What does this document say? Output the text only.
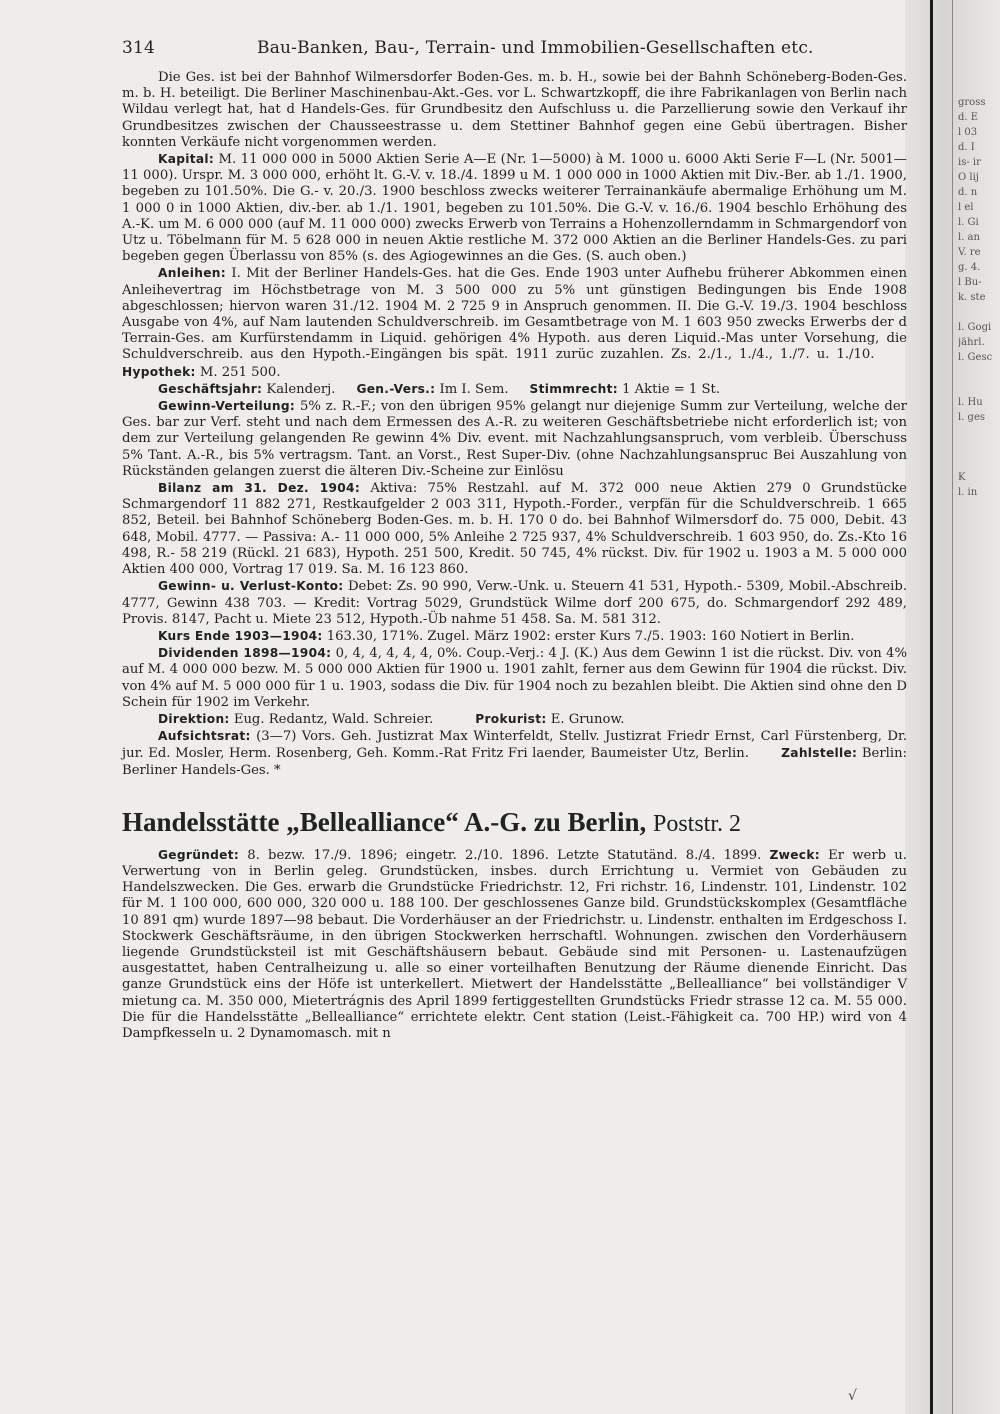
314	Bau-Banken, Bau-, Terrain- und Immobilien-Gesellschaften etc.

Die Ges. ist bei der Bahnhof Wilmersdorfer Boden-Ges. m. b. H., sowie bei der Bahnh Schöneberg-Boden-Ges. m. b. H. beteiligt. Die Berliner Maschinenbau-Akt.-Ges. vor L. Schwartzkopff, die ihre Fabrikanlagen von Berlin nach Wildau verlegt hat, hat d Handels-Ges. für Grundbesitz den Aufschluss u. die Parzellierung sowie den Verkauf ihr Grundbesitzes zwischen der Chausseestrasse u. dem Stettiner Bahnhof gegen eine Gebü übertragen. Bisher konnten Verkäufe nicht vorgenommen werden.

Kapital: M. 11 000 000 in 5000 Aktien Serie A—E (Nr. 1—5000) à M. 1000 u. 6000 Akti Serie F—L (Nr. 5001—11 000). Urspr. M. 3 000 000, erhöht lt. G.-V. v. 18./4. 1899 u M. 1 000 000 in 1000 Aktien mit Div.-Ber. ab 1./1. 1900, begeben zu 101.50%. Die G.- v. 20./3. 1900 beschloss zwecks weiterer Terrainankäufe abermalige Erhöhung um M. 1 000 0 in 1000 Aktien, div.-ber. ab 1./1. 1901, begeben zu 101.50%. Die G.-V. v. 16./6. 1904 beschlo Erhöhung des A.-K. um M. 6 000 000 (auf M. 11 000 000) zwecks Erwerb von Terrains a Hohenzollerndamm in Schmargendorf von Utz u. Töbelmann für M. 5 628 000 in neuen Aktie restliche M. 372 000 Aktien an die Berliner Handels-Ges. zu pari begeben gegen Überlassu von 85% (s. des Agiogewinnes an die Ges. (S. auch oben.)

Anleihen: I. Mit der Berliner Handels-Ges. hat die Ges. Ende 1903 unter Aufhebu früherer Abkommen einen Anleihevertrag im Höchstbetrage von M. 3 500 000 zu 5% unt günstigen Bedingungen bis Ende 1908 abgeschlossen; hiervon waren 31./12. 1904 M. 2 725 9 in Anspruch genommen. II. Die G.-V. 19./3. 1904 beschloss Ausgabe von 4%, auf Nam lautenden Schuldverschreib. im Gesamtbetrage von M. 1 603 950 zwecks Erwerbs der d Terrain-Ges. am Kurfürstendamm in Liquid. gehörigen 4% Hypoth. aus deren Liquid.-Mas unter Vorsehung, die Schuldverschreib. aus den Hypoth.-Eingängen bis spät. 1911 zurüc zuzahlen. Zs. 2./1., 1./4., 1./7. u. 1./10.      Hypothek: M. 251 500.

Geschäftsjahr: Kalenderj. Gen.-Vers.: Im I. Sem. Stimmrecht: 1 Aktie = 1 St.

Gewinn-Verteilung: 5% z. R.-F.; von den übrigen 95% gelangt nur diejenige Summ zur Verteilung, welche der Ges. bar zur Verf. steht und nach dem Ermessen des A.-R. zu weiteren Geschäftsbetriebe nicht erforderlich ist; von dem zur Verteilung gelangenden Re gewinn 4% Div. event. mit Nachzahlungsanspruch, vom verbleib. Überschuss 5% Tant. A.-R., bis 5% vertragsm. Tant. an Vorst., Rest Super-Div. (ohne Nachzahlungsanspruc Bei Auszahlung von Rückständen gelangen zuerst die älteren Div.-Scheine zur Einlösu

Bilanz am 31. Dez. 1904: Aktiva: 75% Restzahl. auf M. 372 000 neue Aktien 279 0 Grundstücke Schmargendorf 11 882 271, Restkaufgelder 2 003 311, Hypoth.-Forder., verpfän für die Schuldverschreib. 1 665 852, Beteil. bei Bahnhof Schöneberg Boden-Ges. m. b. H. 170 0 do. bei Bahnhof Wilmersdorf do. 75 000, Debit. 43 648, Mobil. 4777. — Passiva: A.- 11 000 000, 5% Anleihe 2 725 937, 4% Schuldverschreib. 1 603 950, do. Zs.-Kto 16 498, R.- 58 219 (Rückl. 21 683), Hypoth. 251 500, Kredit. 50 745, 4% rückst. Div. für 1902 u. 1903 a M. 5 000 000 Aktien 400 000, Vortrag 17 019. Sa. M. 16 123 860.

Gewinn- u. Verlust-Konto: Debet: Zs. 90 990, Verw.-Unk. u. Steuern 41 531, Hypoth.- 5309, Mobil.-Abschreib. 4777, Gewinn 438 703. — Kredit: Vortrag 5029, Grundstück Wilme dorf 200 675, do. Schmargendorf 292 489, Provis. 8147, Pacht u. Miete 23 512, Hypoth.-Üb nahme 51 458. Sa. M. 581 312.

Kurs Ende 1903—1904: 163.30, 171%. Zugel. März 1902: erster Kurs 7./5. 1903: 160 Notiert in Berlin.

Dividenden 1898—1904: 0, 4, 4, 4, 4, 4, 0%. Coup.-Verj.: 4 J. (K.) Aus dem Gewinn 1 ist die rückst. Div. von 4% auf M. 4 000 000 bezw. M. 5 000 000 Aktien für 1900 u. 1901 zahlt, ferner aus dem Gewinn für 1904 die rückst. Div. von 4% auf M. 5 000 000 für 1 u. 1903, sodass die Div. für 1904 noch zu bezahlen bleibt. Die Aktien sind ohne den D Schein für 1902 im Verkehr.

Direktion: Eug. Redantz, Wald. Schreier.	Prokurist: E. Grunow.

Aufsichtsrat: (3—7) Vors. Geh. Justizrat Max Winterfeldt, Stellv. Justizrat Friedr Ernst, Carl Fürstenberg, Dr. jur. Ed. Mosler, Herm. Rosenberg, Geh. Komm.-Rat Fritz Fri laender, Baumeister Utz, Berlin.	Zahlstelle: Berlin: Berliner Handels-Ges. *

Handelsstätte „Bellealliance“ A.-G. zu Berlin, Poststr. 2

Gegründet: 8. bezw. 17./9. 1896; eingetr. 2./10. 1896. Letzte Statutänd. 8./4. 1899. Zweck: Er werb u. Verwertung von in Berlin geleg. Grundstücken, insbes. durch Errichtung u. Vermiet von Gebäuden zu Handelszwecken. Die Ges. erwarb die Grundstücke Friedrichstr. 12, Fri richstr. 16, Lindenstr. 101, Lindenstr. 102 für M. 1 100 000, 600 000, 320 000 u. 188 100. Der geschlossenes Ganze bild. Grundstückskomplex (Gesamtfläche 10 891 qm) wurde 1897—98 bebaut. Die Vorderhäuser an der Friedrichstr. u. Lindenstr. enthalten im Erdgeschoss I. Stockwerk Geschäftsräume, in den übrigen Stockwerken herrschaftl. Wohnungen. zwischen den Vorderhäusern liegende Grundstücksteil ist mit Geschäftshäusern bebaut. Gebäude sind mit Personen- u. Lastenaufzügen ausgestattet, haben Centralheizung u. alle so einer vorteilhaften Benutzung der Räume dienende Einricht. Das ganze Grundstück eins der Höfe ist unterkellert. Mietwert der Handelsstätte „Bellealliance“ bei vollständiger V mietung ca. M. 350 000, Mietertrágnis des April 1899 fertiggestellten Grundstücks Friedr strasse 12 ca. M. 55 000. Die für die Handelsstätte „Bellealliance“ errichtete elektr. Cent station (Leist.-Fähigkeit ca. 700 HP.) wird von 4 Dampfkesseln u. 2 Dynamomasch. mit n

gross
d. E
l 03
d. I
is- ir
O lij
d. n
l el
l. Gi
l. an
V. re
g. 4.
l Bu-
k. ste
l. Gogi
jährl.
l. Gesc
l. Hu
l. ges
K
l. in
√
